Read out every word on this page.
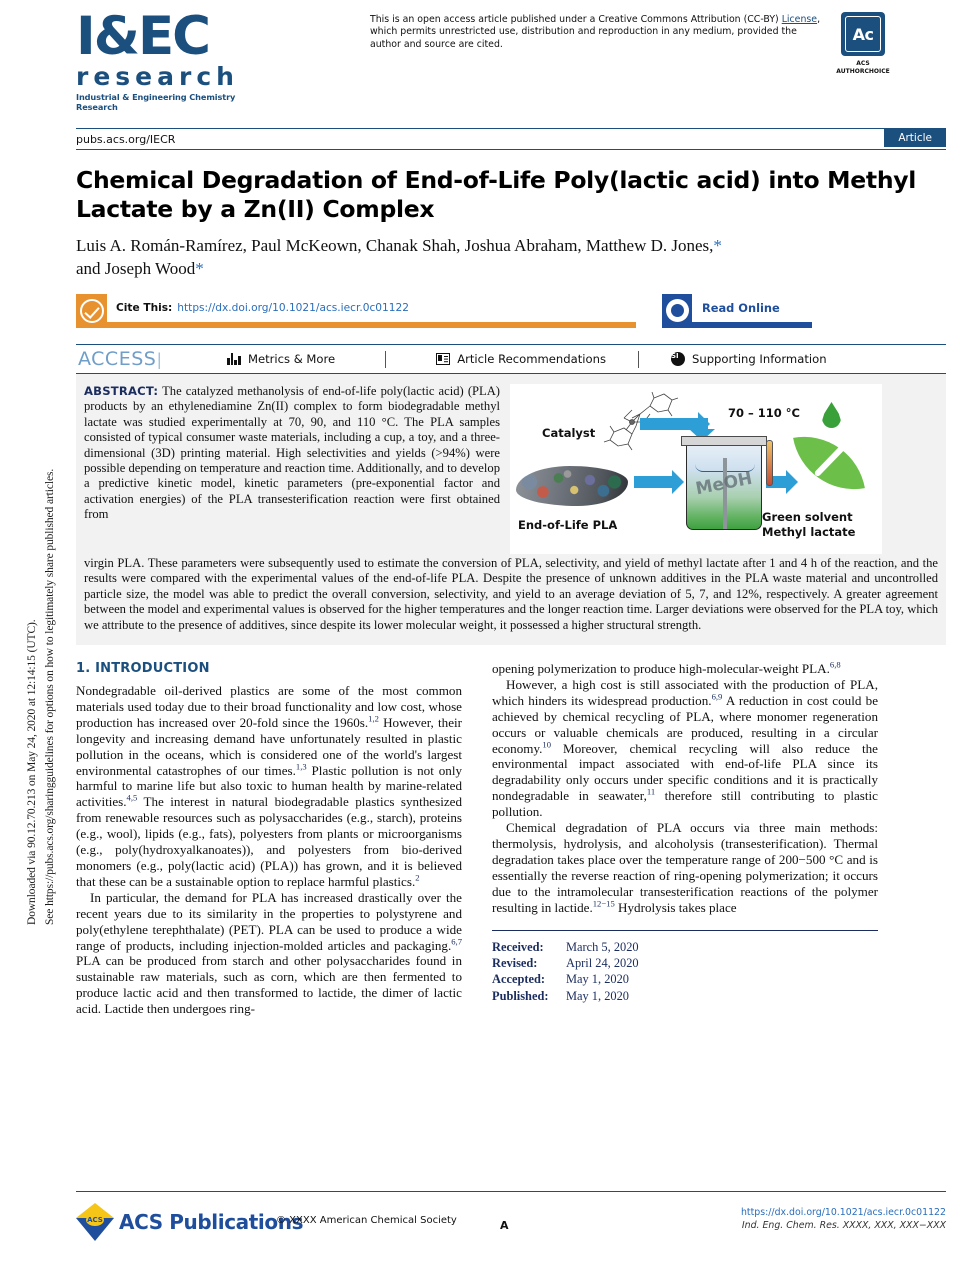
Downloaded via 90.12.70.213 on May 24, 2020 at 12:14:15 (UTC). See https://pubs.acs.org/sharingguidelines for options on how to legitimately share published articles.
I&EC
research
Industrial & Engineering Chemistry Research
This is an open access article published under a Creative Commons Attribution (CC-BY) License, which permits unrestricted use, distribution and reproduction in any medium, provided the author and source are cited.
Ac
ACS AUTHORCHOICE
pubs.acs.org/IECR	Article
Chemical Degradation of End-of-Life Poly(lactic acid) into Methyl Lactate by a Zn(II) Complex
Luis A. Román-Ramírez, Paul McKeown, Chanak Shah, Joshua Abraham, Matthew D. Jones,*
and Joseph Wood*
Cite This: https://dx.doi.org/10.1021/acs.iecr.0c01122	Read Online
ACCESS |	Metrics & More	Article Recommendations	SI	Supporting Information
ABSTRACT: The catalyzed methanolysis of end-of-life poly(lactic acid) (PLA) products by an ethylenediamine Zn(II) complex to form biodegradable methyl lactate was studied experimentally at 70, 90, and 110 °C. The PLA samples consisted of typical consumer waste materials, including a cup, a toy, and a three-dimensional (3D) printing material. High selectivities and yields (>94%) were possible depending on temperature and reaction time. Additionally, and to develop a predictive kinetic model, kinetic parameters (pre-exponential factor and activation energies) of the PLA transesterification reaction were first obtained from
Catalyst
70 – 110 °C
End-of-Life PLA
Green solvent
Methyl lactate
MeOH
virgin PLA. These parameters were subsequently used to estimate the conversion of PLA, selectivity, and yield of methyl lactate after 1 and 4 h of the reaction, and the results were compared with the experimental values of the end-of-life PLA. Despite the presence of unknown additives in the PLA waste material and uncontrolled particle size, the model was able to predict the overall conversion, selectivity, and yield to an average deviation of 5, 7, and 12%, respectively. A greater agreement between the model and experimental values is observed for the higher temperatures and the longer reaction time. Larger deviations were observed for the PLA toy, which we attribute to the presence of additives, since despite its lower molecular weight, it possessed a higher structural strength.
1. INTRODUCTION

Nondegradable oil-derived plastics are some of the most common materials used today due to their broad functionality and low cost, whose production has increased over 20-fold since the 1960s.$^{1,2}$ However, their longevity and increasing demand have unfortunately resulted in plastic pollution in the oceans, which is considered one of the world's largest environmental catastrophes of our times.$^{1,3}$ Plastic pollution is not only harmful to marine life but also toxic to human health by marine-related activities.$^{4,5}$ The interest in natural biodegradable plastics synthesized from renewable resources such as polysaccharides (e.g., starch), proteins (e.g., wool), lipids (e.g., fats), polyesters from plants or microorganisms (e.g., poly(hydroxyalkanoates)), and polyesters from bio-derived monomers (e.g., poly(lactic acid) (PLA)) has grown, and it is believed that these can be a sustainable option to replace harmful plastics.$^2$

In particular, the demand for PLA has increased drastically over the recent years due to its similarity in the properties to polystyrene and poly(ethylene terephthalate) (PET). PLA can be used to produce a wide range of products, including injection-molded articles and packaging.$^{6,7}$ PLA can be produced from starch and other polysaccharides found in sustainable raw materials, such as corn, which are then fermented to produce lactic acid and then transformed to lactide, the dimer of lactic acid. Lactide then undergoes ring-

opening polymerization to produce high-molecular-weight PLA.$^{6,8}$

However, a high cost is still associated with the production of PLA, which hinders its widespread production.$^{6,9}$ A reduction in cost could be achieved by chemical recycling of PLA, where monomer regeneration occurs or valuable chemicals are produced, resulting in a circular economy.$^{10}$ Moreover, chemical recycling will also reduce the environmental impact associated with end-of-life PLA since its degradability only occurs under specific conditions and it is practically nondegradable in seawater,$^{11}$ therefore still contributing to plastic pollution.

Chemical degradation of PLA occurs via three main methods: thermolysis, hydrolysis, and alcoholysis (transesterification). Thermal degradation takes place over the temperature range of 200−500 °C and is essentially the reverse reaction of ring-opening polymerization; it occurs due to the intramolecular transesterification reactions of the polymer resulting in lactide.$^{12-15}$ Hydrolysis takes place

Received:	March 5, 2020
Revised:	April 24, 2020
Accepted:	May 1, 2020
Published:	May 1, 2020
ACS ACS Publications
© XXXX American Chemical Society	A
https://dx.doi.org/10.1021/acs.iecr.0c01122
Ind. Eng. Chem. Res. XXXX, XXX, XXX−XXX
